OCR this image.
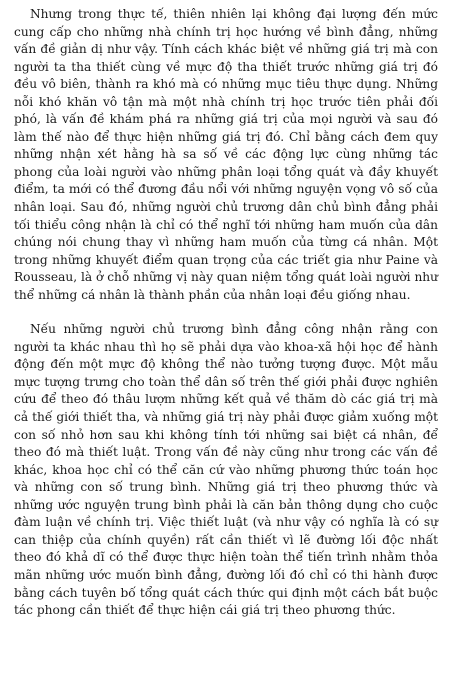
Nhưng trong thực tế, thiên nhiên lại không đại lượng đến mức cung cấp cho những nhà chính trị học hướng về bình đẳng, những vấn đề giản dị như vậy. Tính cách khác biệt về những giá trị mà con người ta tha thiết cùng về mực độ tha thiết trước những giá trị đó đều vô biên, thành ra khó mà có những mục tiêu thực dụng. Những nỗi khó khăn vô tận mà một nhà chính trị học trước tiên phải đối phó, là vấn đề khám phá ra những giá trị của mọi người và sau đó làm thế nào để thực hiện những giá trị đó. Chỉ bằng cách đem quy những nhận xét hằng hà sa số về các động lực cùng những tác phong của loài người vào những phân loại tổng quát và đầy khuyết điểm, ta mới có thể đương đầu nổi với những nguyện vọng vô số của nhân loại. Sau đó, những người chủ trương dân chủ bình đẳng phải tối thiểu công nhận là chỉ có thể nghĩ tới những ham muốn của dân chúng nói chung thay vì những ham muốn của từng cá nhân. Một trong những khuyết điểm quan trọng của các triết gia như Paine và Rousseau, là ở chỗ những vị này quan niệm tổng quát loài người như thể những cá nhân là thành phần của nhân loại đều giống nhau.

Nếu những người chủ trương bình đẳng công nhận rằng con người ta khác nhau thì họ sẽ phải dựa vào khoa-xã hội học để hành động đến một mực độ không thể nào tưởng tượng được. Một mẫu mực tượng trưng cho toàn thể dân số trên thế giới phải được nghiên cứu để theo đó thâu lượm những kết quả về thăm dò các giá trị mà cả thế giới thiết tha, và những giá trị này phải được giảm xuống một con số nhỏ hơn sau khi không tính tới những sai biệt cá nhân, để theo đó mà thiết luật. Trong vấn đề này cũng như trong các vấn đề khác, khoa học chỉ có thể căn cứ vào những phương thức toán học và những con số trung bình. Những giá trị theo phương thức và những ước nguyện trung bình phải là căn bản thông dụng cho cuộc đàm luận về chính trị. Việc thiết luật (và như vậy có nghĩa là có sự can thiệp của chính quyền) rất cần thiết vì lẽ đường lối độc nhất theo đó khả dĩ có thể được thực hiện toàn thể tiến trình nhằm thỏa mãn những ước muốn bình đẳng, đường lối đó chỉ có thi hành được bằng cách tuyên bố tổng quát cách thức qui định một cách bắt buộc tác phong cần thiết để thực hiện cái giá trị theo phương thức.
